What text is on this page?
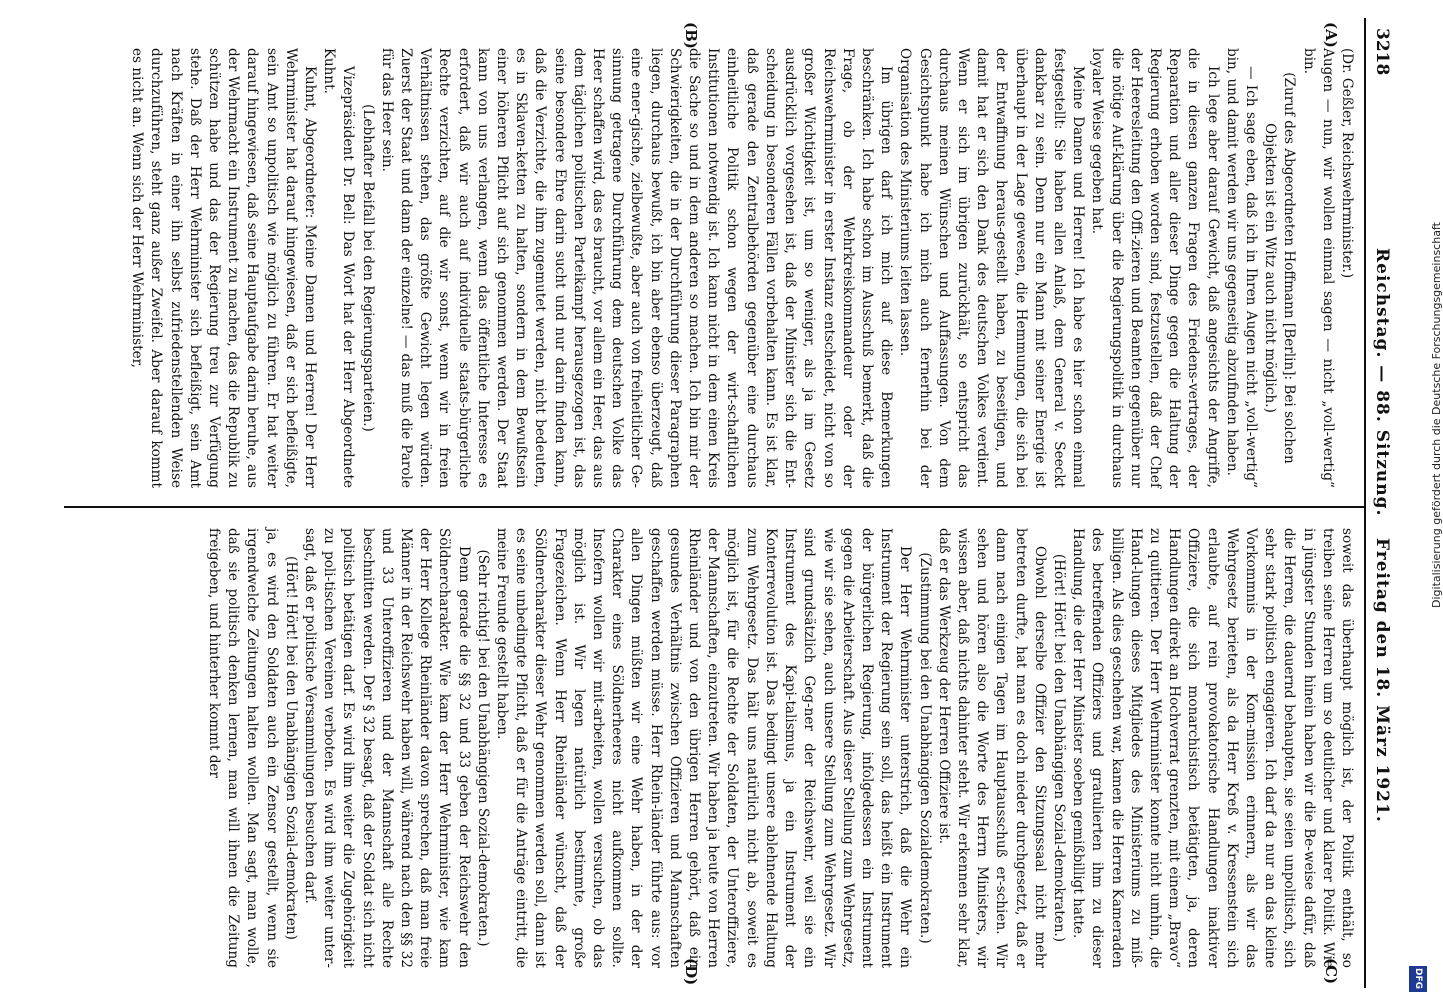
3218
Reichstag. — 88. Sitzung.
Freitag den 18. März 1921.
(A)
(B)
(C)
(D)

(Dr. Geßler, Reichswehrminister.)

Augen — nun, wir wollen einmal sagen — nicht „voll-wertig“ bin.

(Zuruf des Abgeordneten Hoffmann [Berlin]: Bei solchen Objekten ist ein Witz auch nicht möglich.)

— Ich sage eben, daß ich in Ihren Augen nicht „voll-wertig“ bin, und damit werden wir uns gegenseitig abzufinden haben.

Ich lege aber darauf Gewicht, daß angesichts der Angriffe, die in diesen ganzen Fragen des Friedens-vertrages, der Reparation und aller dieser Dinge gegen die Haltung der Regierung erhoben worden sind, festzustellen, daß der Chef der Heeresleitung den Offi-zieren und Beamten gegenüber nur die nötige Auf-klärung über die Regierungspolitik in durchaus loyaler Weise gegeben hat.

Meine Damen und Herren! Ich habe es hier schon einmal festgestellt: Sie haben allen Anlaß, dem General v. Seeckt dankbar zu sein. Denn nur ein Mann mit seiner Energie ist überhaupt in der Lage gewesen, die Hemmungen, die sich bei der Entwaffnung heraus-gestellt haben, zu beseitigen, und damit hat er sich den Dank des deutschen Volkes verdient. Wenn er sich im übrigen zurückhält, so entspricht das durchaus meinen Wünschen und Auffassungen. Von dem Gesichtspunkt habe ich mich auch fernerhin bei der Organisation des Ministeriums leiten lassen.

Im übrigen darf ich mich auf diese Bemerkungen beschränken. Ich habe schon im Ausschuß bemerkt, daß die Frage, ob der Wehrkreiskommandeur oder der Reichswehrminister in erster Instanz entscheidet, nicht von so großer Wichtigkeit ist, um so weniger, als ja im Gesetz ausdrücklich vorgesehen ist, daß der Minister sich die Ent-scheidung in besonderen Fällen vorbehalten kann. Es ist klar, daß gerade den Zentralbehörden gegenüber eine durchaus einheitliche Politik schon wegen der wirt-schaftlichen Institutionen notwendig ist. Ich kann nicht in dem einen Kreis die Sache so und in dem anderen so machen. Ich bin mir der Schwierigkeiten, die in der Durchführung dieser Paragraphen liegen, durchaus bewußt, ich bin aber ebenso überzeugt, daß eine ener-gische, zielbewußte, aber auch von freiheitlicher Ge-sinnung getragene Durchführung dem deutschen Volke das Heer schaffen wird, das es braucht, vor allem ein Heer, das aus dem täglichen politischen Parteikampf herausgezogen ist, das seine besondere Ehre darin sucht und nur darin finden kann, daß die Verzichte, die ihm zugemutet werden, nicht bedeuten, es in Sklaven-ketten zu halten, sondern in dem Bewußtsein einer höheren Pflicht auf sich genommen werden. Der Staat kann von uns verlangen, wenn das öffentliche Interesse es erfordert, daß wir auch auf individuelle staats-bürgerliche Rechte verzichten, auf die wir sonst, wenn wir in freien Verhältnissen stehen, das größte Gewicht legen würden. Zuerst der Staat und dann der einzelne! — das muß die Parole für das Heer sein.

(Lebhafter Beifall bei den Regierungsparteien.)

Vizepräsident Dr. Bell: Das Wort hat der Herr Abgeordnete Kuhnt.

Kuhnt, Abgeordneter: Meine Damen und Herren! Der Herr Wehrminister hat darauf hingewiesen, daß er sich befleißigte, sein Amt so unpolitisch wie möglich zu führen. Er hat weiter darauf hingewiesen, daß seine Hauptaufgabe darin beruhe, aus der Wehrmacht ein Instrument zu machen, das die Republik zu schützen habe und das der Regierung treu zur Verfügung stehe. Daß der Herr Wehrminister sich befleißigt, sein Amt nach Kräften in einer ihn selbst zufriedenstellenden Weise durchzuführen, steht ganz außer Zweifel. Aber darauf kommt es nicht an. Wenn sich der Herr Wehrminister,

soweit das überhaupt möglich ist, der Politik enthält, so treiben seine Herren um so deutlicher und klarer Politik. Wie in jüngster Stunden hinein haben wir die Be-weise dafür, daß die Herren, die dauernd behaupten, sie seien unpolitisch, sich sehr stark politisch engagieren. Ich darf da nur an das kleine Vorkommnis in der Kom-mission erinnern, als wir das Wehrgesetz berieten, als da Herr Kreß v. Kressenstein sich erlaubte, auf rein provokatorische Handlungen inaktiver Offiziere, die sich monarchistisch betätigten, ja, deren Handlungen direkt an Hochverrat grenzten, mit einem „Bravo“ zu quittieren. Der Herr Wehrminister konnte nicht umhin, die Hand-lungen dieses Mitgliedes des Ministeriums zu miß-billigen. Als dies geschehen war, kamen die Herren Kameraden des betreffenden Offiziers und gratulierten ihm zu dieser Handlung, die der Herr Minister soeben gemißbilligt hatte.

(Hört! Hört! bei den Unabhängigen Sozial-demokraten.)

Obwohl derselbe Offizier den Sitzungssaal nicht mehr betreten durfte, hat man es doch nieder durchgesetzt, daß er dann nach einigen Tagen im Hauptausschuß er-schien. Wir sehen und hören also die Worte des Herrn Ministers, wir wissen aber, daß nichts dahinter steht. Wir erkennen sehr klar, daß er das Werkzeug der Herren Offiziere ist.

(Zustimmung bei den Unabhängigen Sozialdemokraten.)

Der Herr Wehrminister unterstrich, daß die Wehr ein Instrument der Regierung sein soll, das heißt ein Instrument der bürgerlichen Regierung, infolgedessen ein Instrument gegen die Arbeiterschaft. Aus dieser Stellung zum Wehrgesetz, wie wir sie sehen, auch unsere Stellung zum Wehrgesetz. Wir sind grundsätzlich Geg-ner der Reichswehr, weil sie ein Instrument des Kapi-talismus, ja ein Instrument der Konterrevolution ist. Das bedingt unsere ablehnende Haltung zum Wehrgesetz. Das hält uns natürlich nicht ab, soweit es möglich ist, für die Rechte der Soldaten, der Unteroffiziere, der Mannschaften, einzutreten. Wir haben ja heute von Herren Rheinländer und von den übrigen Herren gehört, daß ein gesundes Verhältnis zwischen Offizieren und Mannschaften geschaffen werden müsse. Herr Rhein-länder führte aus: vor allen Dingen müßten wir eine Wehr haben, in der der Charakter eines Söldnerheeres nicht aufkommen sollte. Insofern wollen wir mit-arbeiten, wollen versuchen, ob das möglich ist. Wir legen natürlich bestimmte, große Fragezeichen. Wenn Herr Rheinländer wünscht, daß der Söldnercharakter dieser Wehr genommen werden soll, dann ist es seine unbedingte Pflicht, daß er für die Anträge eintritt, die meine Freunde gestellt haben.

(Sehr richtig! bei den Unabhängigen Sozial-demokraten.)

Denn gerade die §§ 32 und 33 geben der Reichswehr den Söldnercharakter. Wie kam der Herr Wehrminister, wie kam der Herr Kollege Rheinländer davon sprechen, daß man freie Männer in der Reichswehr haben will, während nach den §§ 32 und 33 Unteroffizieren und der Mannschaft alle Rechte beschnitten werden. Der § 32 besagt, daß der Soldat sich nicht politisch betätigen darf. Es wird ihm weiter die Zugehörigkeit zu poli-tischen Vereinen verboten. Es wird ihm weiter unter-sagt, daß er politische Versammlungen besuchen darf.

(Hört! Hört! bei den Unabhängigen Sozial-demokraten)

ja, es wird den Soldaten auch ein Zensor gestellt, wenn sie irgendwelche Zeitungen halten wollen. Man sagt, man wolle, daß sie politisch denken lernen, man will ihnen die Zeitung freigeben, und hinterher kommt der

Digitalisierung gefördert durch die Deutsche Forschungsgemeinschaft
DFG
